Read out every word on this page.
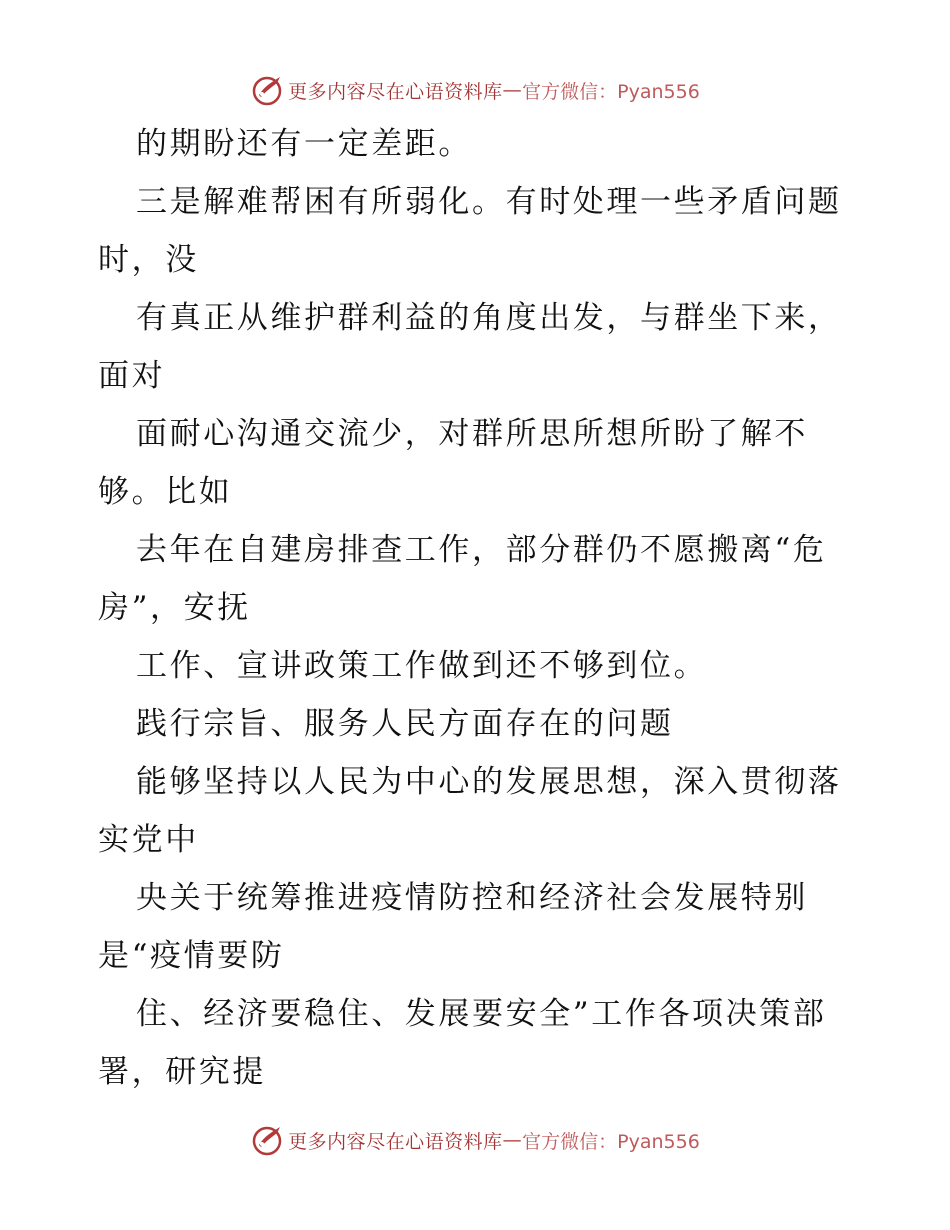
更多内容尽在心语资料库 — 官方微信：Pyan556
的期盼还有一定差距。
三是解难帮困有所弱化。有时处理一些矛盾问题
时，没
有真正从维护群利益的角度出发，与群坐下来，
面对
面耐心沟通交流少，对群所思所想所盼了解不
够。比如
去年在自建房排查工作，部分群仍不愿搬离“危
房”，安抚
工作、宣讲政策工作做到还不够到位。
践行宗旨、服务人民方面存在的问题
能够坚持以人民为中心的发展思想，深入贯彻落
实党中
央关于统筹推进疫情防控和经济社会发展特别
是“疫情要防
住、经济要稳住、发展要安全”工作各项决策部
署，研究提
更多内容尽在心语资料库 — 官方微信：Pyan556
